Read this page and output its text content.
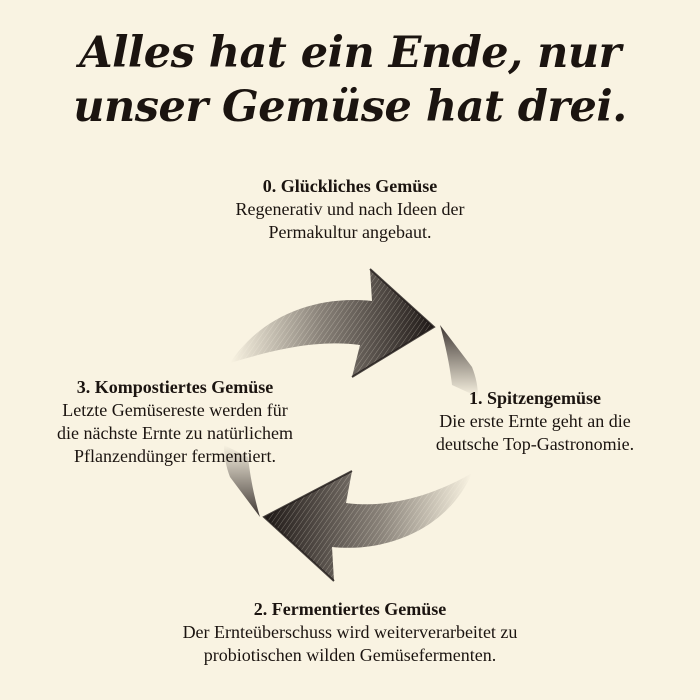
Alles hat ein Ende, nur
unser Gemüse hat drei.
0. Glückliches Gemüse
Regenerativ und nach Ideen der
Permakultur angebaut.
1. Spitzengemüse
Die erste Ernte geht an die
deutsche Top-Gastronomie.
2. Fermentiertes Gemüse
Der Ernteüberschuss wird weiterverarbeitet zu
probiotischen wilden Gemüsefermenten.
3. Kompostiertes Gemüse
Letzte Gemüsereste werden für
die nächste Ernte zu natürlichem
Pflanzendünger fermentiert.
